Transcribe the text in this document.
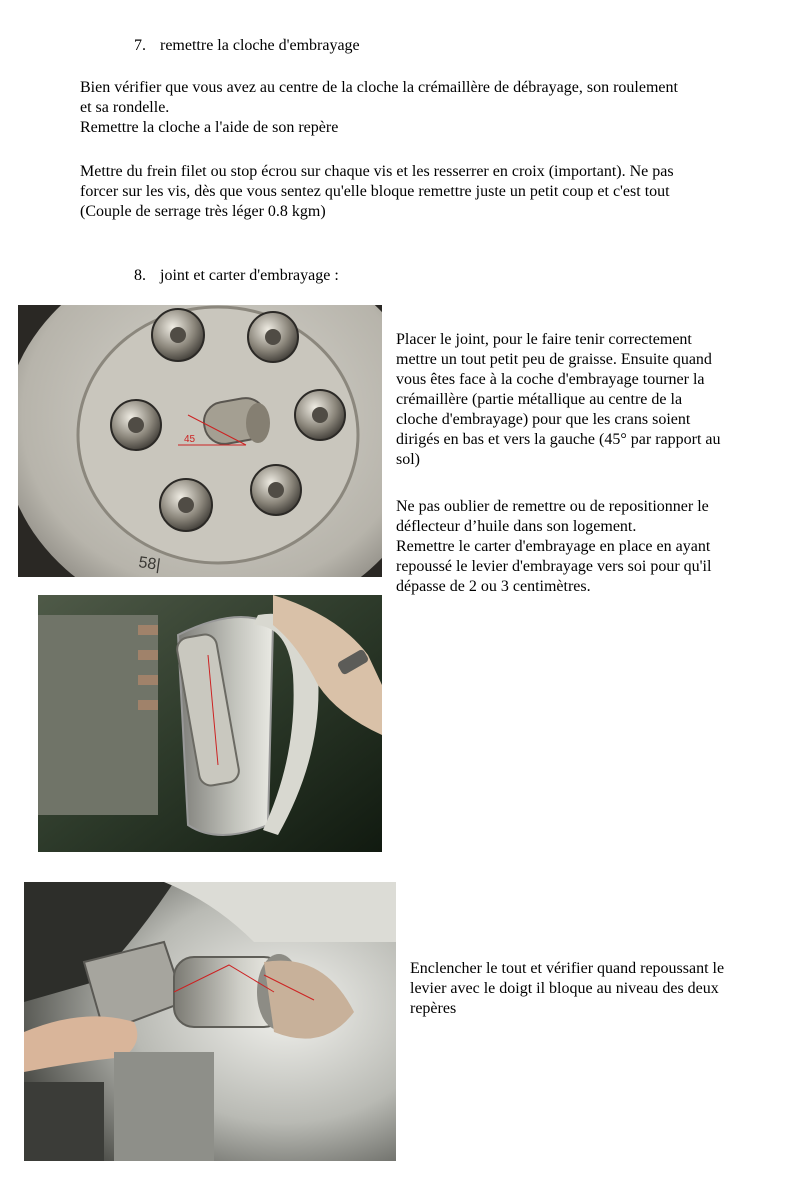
7. remettre la cloche d'embrayage
Bien vérifier que vous avez au centre de la cloche la crémaillère de débrayage, son roulement
et sa rondelle.
Remettre la cloche a l'aide de son repère
Mettre du frein filet ou stop écrou sur chaque vis et les resserrer en croix (important). Ne pas
forcer sur les vis, dès que vous sentez qu'elle bloque remettre juste un petit coup et c'est tout
(Couple de serrage très léger 0.8 kgm)
8. joint et carter d'embrayage :
45
58|
Placer le joint, pour le faire tenir correctement
mettre un tout petit peu de graisse. Ensuite quand
vous êtes face à la coche d'embrayage tourner la
crémaillère (partie métallique au centre de la
cloche d'embrayage) pour que les crans soient
dirigés en bas et vers la gauche (45° par rapport au
sol)
Ne pas oublier de remettre ou de repositionner le
déflecteur d’huile dans son logement.
Remettre le carter d'embrayage en place en ayant
repoussé le levier d'embrayage vers soi pour qu'il
dépasse de 2 ou 3 centimètres.
Enclencher le tout et vérifier quand repoussant le
levier avec le doigt il bloque au niveau des deux
repères
